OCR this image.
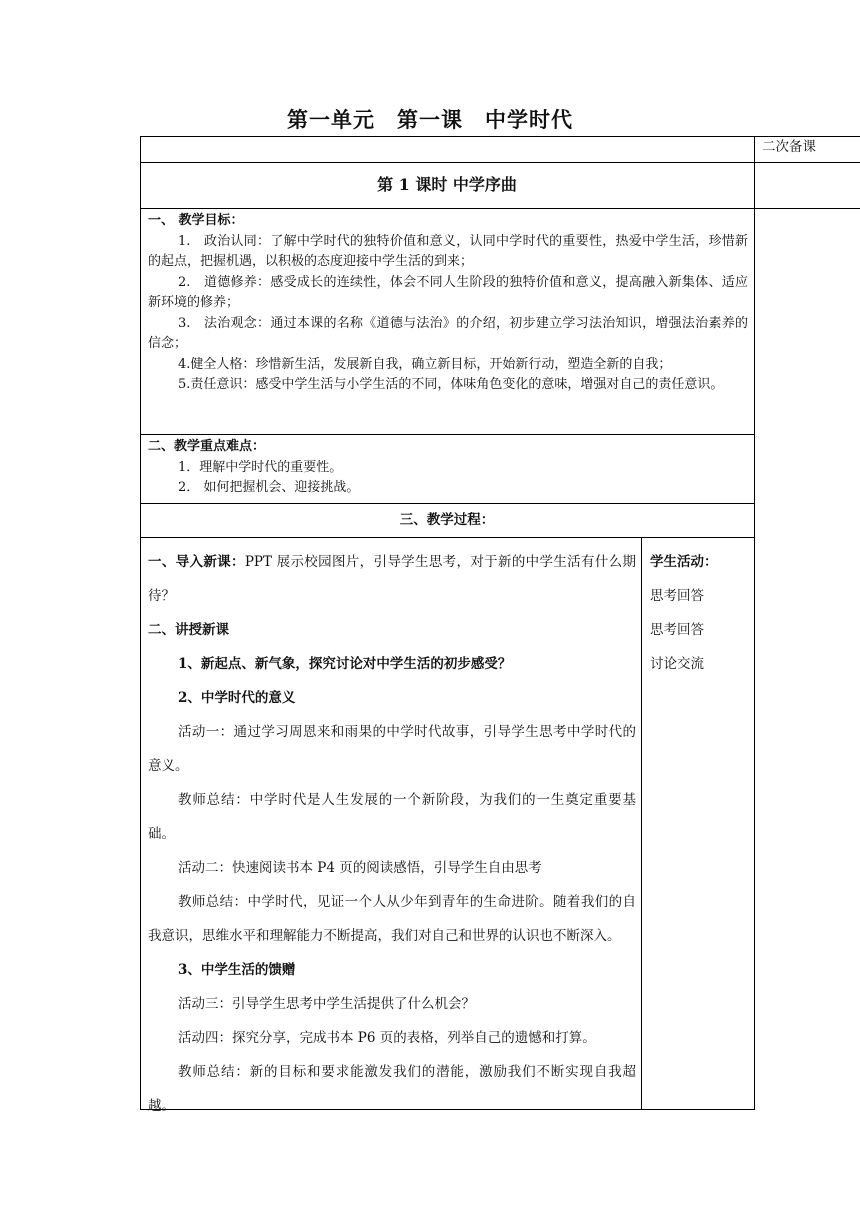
第一单元　第一课　中学时代
二次备课
第 1 课时 中学序曲

一、 教学目标：

1.　政治认同：了解中学时代的独特价值和意义，认同中学时代的重要性，热爱中学生活，珍惜新的起点，把握机遇，以积极的态度迎接中学生活的到来；

2.　道德修养：感受成长的连续性，体会不同人生阶段的独特价值和意义，提高融入新集体、适应新环境的修养；

3.　法治观念：通过本课的名称《道德与法治》的介绍，初步建立学习法治知识，增强法治素养的信念；

4.健全人格：珍惜新生活，发展新自我，确立新目标，开始新行动，塑造全新的自我；

5.责任意识：感受中学生活与小学生活的不同，体味角色变化的意味，增强对自己的责任意识。

二、教学重点难点：

1．理解中学时代的重要性。

2． 如何把握机会、迎接挑战。

三、教学过程：

一、导入新课：PPT 展示校园图片，引导学生思考，对于新的中学生活有什么期待？

二、讲授新课

1、新起点、新气象，探究讨论对中学生活的初步感受？

2、中学时代的意义

活动一：通过学习周恩来和雨果的中学时代故事，引导学生思考中学时代的意义。

教师总结：中学时代是人生发展的一个新阶段，为我们的一生奠定重要基础。

活动二：快速阅读书本 P4 页的阅读感悟，引导学生自由思考

教师总结：中学时代，见证一个人从少年到青年的生命进阶。随着我们的自我意识，思维水平和理解能力不断提高，我们对自己和世界的认识也不断深入。

3、中学生活的馈赠

活动三：引导学生思考中学生活提供了什么机会？

活动四：探究分享，完成书本 P6 页的表格，列举自己的遗憾和打算。

教师总结：新的目标和要求能激发我们的潜能，激励我们不断实现自我超越。

学生活动：
思考回答
思考回答
讨论交流
